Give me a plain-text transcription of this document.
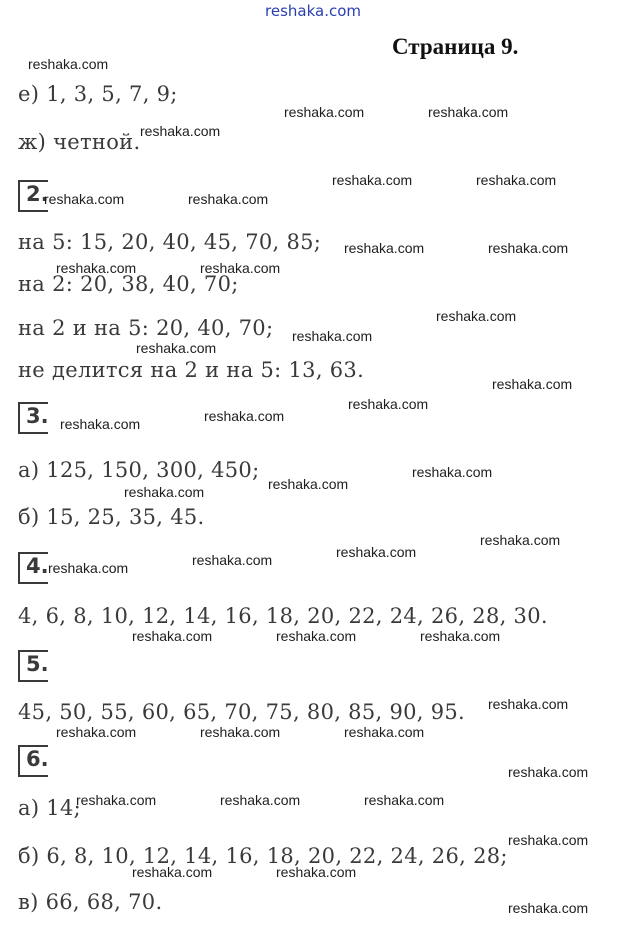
reshaka.com
Страница 9.
е) 1, 3, 5, 7, 9;
ж) четной.
2.
на 5: 15, 20, 40, 45, 70, 85;
на 2: 20, 38, 40, 70;
на 2 и на 5: 20, 40, 70;
не делится на 2 и на 5: 13, 63.
3.
а) 125, 150, 300, 450;
б) 15, 25, 35, 45.
4.
4, 6, 8, 10, 12, 14, 16, 18, 20, 22, 24, 26, 28, 30.
5.
45, 50, 55, 60, 65, 70, 75, 80, 85, 90, 95.
6.
а) 14;
б) 6, 8, 10, 12, 14, 16, 18, 20, 22, 24, 26, 28;
в) 66, 68, 70.
reshaka.com
reshaka.com
reshaka.com	reshaka.com
reshaka.com	reshaka.com
reshaka.com	reshaka.com
reshaka.com	reshaka.com
reshaka.com	reshaka.com
reshaka.com
reshaka.com
reshaka.com
reshaka.com
reshaka.com
reshaka.com
reshaka.com
reshaka.com
reshaka.com
reshaka.com
reshaka.com
reshaka.com
reshaka.com
reshaka.com
reshaka.com	reshaka.com	reshaka.com
reshaka.com
reshaka.com	reshaka.com	reshaka.com
reshaka.com
reshaka.com	reshaka.com	reshaka.com
reshaka.com
reshaka.com	reshaka.com
reshaka.com
